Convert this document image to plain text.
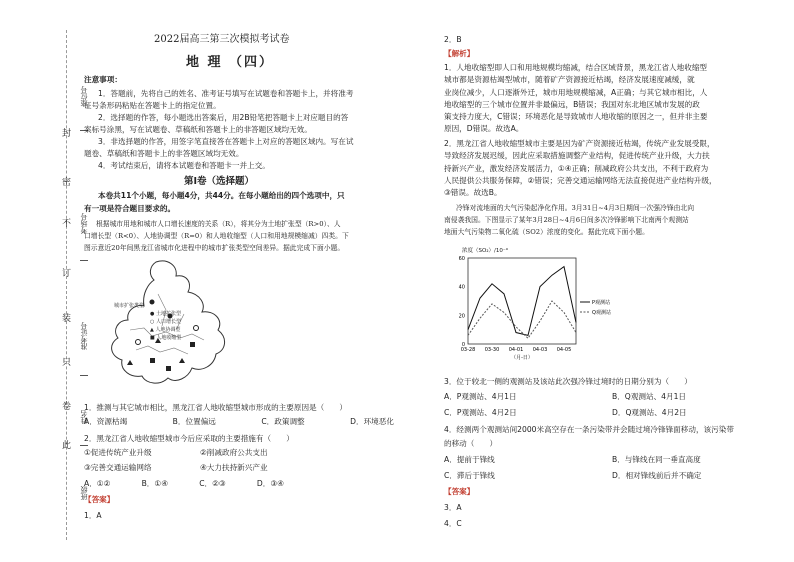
封
密
不
订
装
只
卷
此
座位号
考场号
准考证号
姓名
班级
2022届高三第三次模拟考试卷
地 理 （四）
注意事项：
1．答题前，先将自己的姓名、准考证号填写在试题卷和答题卡上，并将准考
证号条形码粘贴在答题卡上的指定位置。
2．选择题的作答，每小题选出答案后，用2B铅笔把答题卡上对应题目的答
案标号涂黑，写在试题卷、草稿纸和答题卡上的非答题区域均无效。
3．非选择题的作答，用签字笔直接答在答题卡上对应的答题区域内。写在试
题卷、草稿纸和答题卡上的非答题区域均无效。
4．考试结束后，请将本试题卷和答题卡一并上交。
第Ⅰ卷（选择题）
本卷共11个小题，每小题4分，共44分。在每小题给出的四个选项中，只
有一项是符合题目要求的。
根据城市用地和城市人口增长速度的关系（R），将其分为土地扩张型（R>0）、人
口增长型（R<0）、人地协调型（R=0）和人地收缩型（人口和用地规模缩减）四类。下
图示意近20年间黑龙江省城市化进程中的城市扩张类型空间差异。据此完成下面小题。
城市扩张类型
● 土地扩张型
○ 人口增长型
▲ 人地协调型
■ 人地收缩型
1．推测与其它城市相比，黑龙江省人地收缩型城市形成的主要原因是（　　）
A．资源枯竭	B．位置偏远	C．政策调整	D．环境恶化
2．黑龙江省人地收缩型城市今后应采取的主要措施有（　　）
①促进传统产业升级	②削减政府公共支出
③完善交通运输网络	④大力扶持新兴产业
A．①②	B．①④	C．②③	D．③④
【答案】
1．A
2．B
【解析】
1．人地收缩型即人口和用地规模均缩减，结合区域背景，黑龙江省人地收缩型
城市都是资源枯竭型城市，随着矿产资源接近枯竭，经济发展速度减缓，就
业岗位减少，人口逐渐外迁，城市用地规模缩减，A正确；与其它城市相比，人
地收缩型的三个城市位置并非最偏远，B错误；我国对东北地区城市发展的政
策支持力度大，C错误；环境恶化是导致城市人地收缩的原因之一，但并非主要
原因，D错误。故选A。
2．黑龙江省人地收缩型城市主要是因为矿产资源接近枯竭，传统产业发展受限，
导致经济发展迟缓，因此应采取措施调整产业结构，促进传统产业升级，大力扶
持新兴产业，激发经济发展活力，①④正确；削减政府公共支出，不利于政府为
人民提供公共服务保障，②错误；完善交通运输网络无法直接促进产业结构升级，
③错误。故选B。
冷锋对流地面的大气污染起净化作用。3月31日~4月3日期间一次强冷锋由北向
南侵袭我国。下图显示了某年3月28日~4月6日间多次冷锋影响下北南两个观测站
地面大气污染物二氧化硫（SO2）浓度的变化。据此完成下面小题。
浓度（SO₂）/10⁻⁹
0
20
40
60
03-28 03-30 04-01 04-03 04-05
（月-日）
P观测站
Q观测站
3．位于较北一侧的观测站及该站此次强冷锋过境时的日期分别为（　　）
A．P观测站、4月1日	B．Q观测站、4月1日
C．P观测站、4月2日	D．Q观测站、4月2日
4．经测两个观测站间2000米高空存在一条污染带并会随过境冷锋锋面移动，该污染带
的移动（　　）
A．提前于锋线	B．与锋线在同一垂直高度
C．滞后于锋线	D．相对锋线前后并不确定
【答案】
3．A
4．C
